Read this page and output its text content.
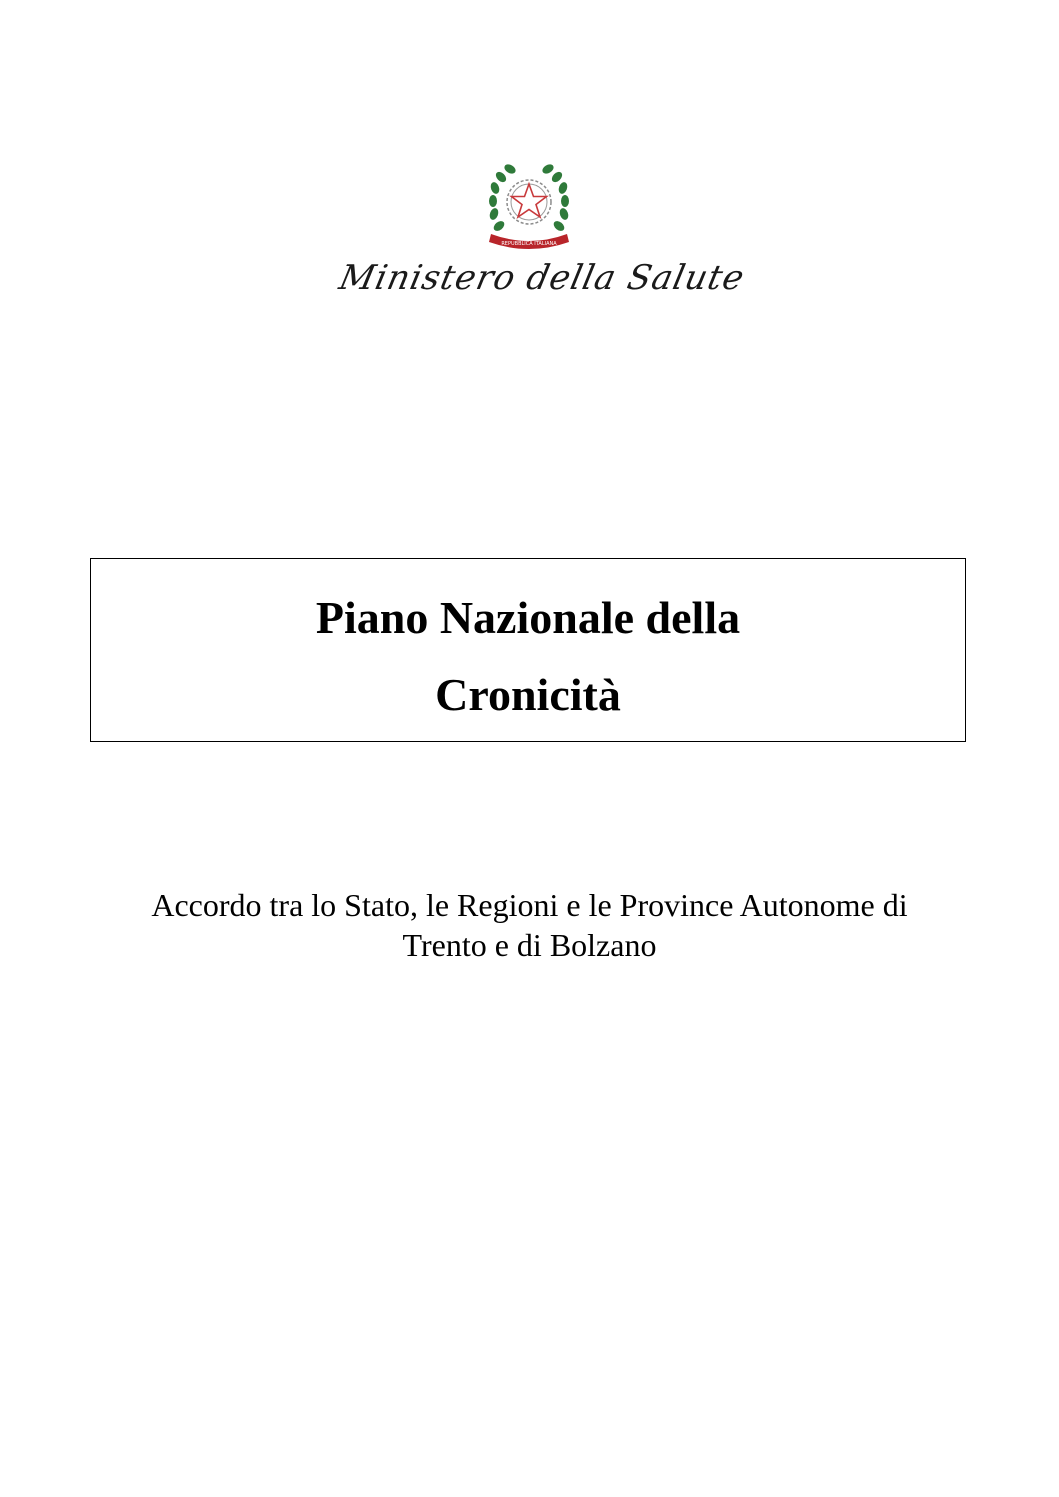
REPUBBLICA ITALIANA
Ministero della Salute
Piano Nazionale della
Cronicità
Accordo tra lo Stato, le Regioni e le Province Autonome di
Trento e di Bolzano
